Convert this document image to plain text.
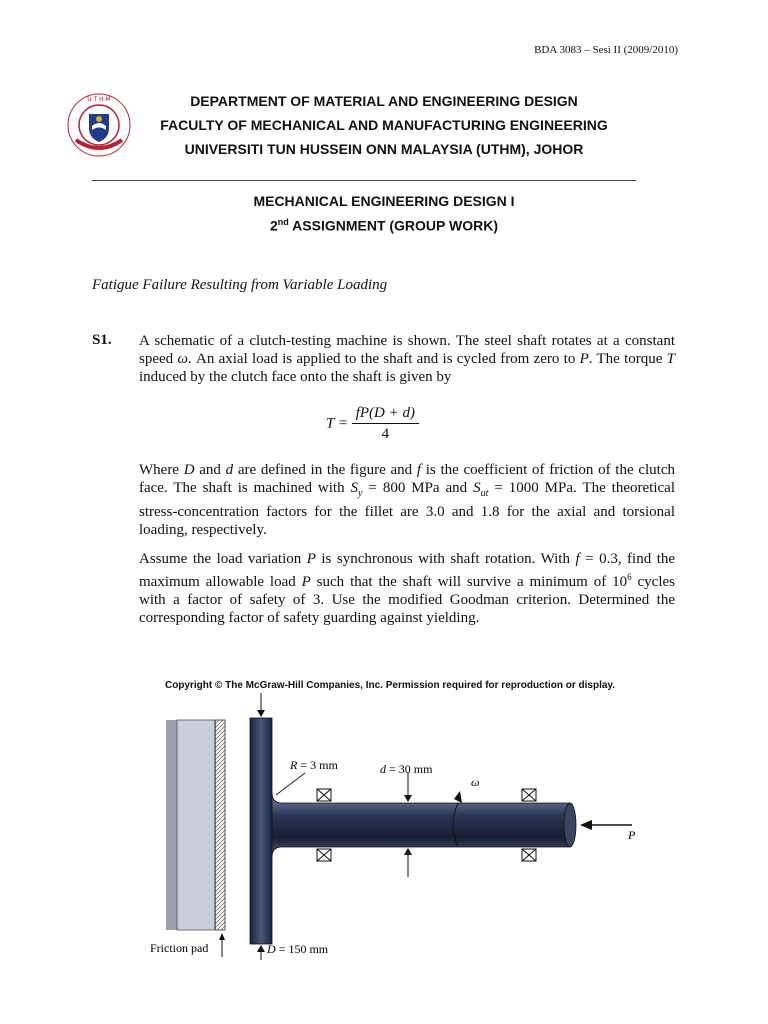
BDA 3083 – Sesi II (2009/2010)
U T H M	DEPARTMENT OF MATERIAL AND ENGINEERING DESIGN
FACULTY OF MECHANICAL AND MANUFACTURING ENGINEERING
UNIVERSITI TUN HUSSEIN ONN MALAYSIA (UTHM), JOHOR
MECHANICAL ENGINEERING DESIGN I
2nd ASSIGNMENT (GROUP WORK)
Fatigue Failure Resulting from Variable Loading
S1. A schematic of a clutch-testing machine is shown. The steel shaft rotates at a constant speed ω. An axial load is applied to the shaft and is cycled from zero to P. The torque T induced by the clutch face onto the shaft is given by
$T = \frac{fP(D + d)}{4}$
Where D and d are defined in the figure and f is the coefficient of friction of the clutch face. The shaft is machined with $S_y = 800$ MPa and $S_{ut} = 1000$ MPa. The theoretical stress-concentration factors for the fillet are 3.0 and 1.8 for the axial and torsional loading, respectively.
Assume the load variation P is synchronous with shaft rotation. With f = 0.3, find the maximum allowable load P such that the shaft will survive a minimum of $10^6$ cycles with a factor of safety of 3. Use the modified Goodman criterion. Determined the corresponding factor of safety guarding against yielding.
Copyright © The McGraw-Hill Companies, Inc. Permission required for reproduction or display.
R = 3 mm	d = 30 mm
ω
P
Friction pad	D = 150 mm
